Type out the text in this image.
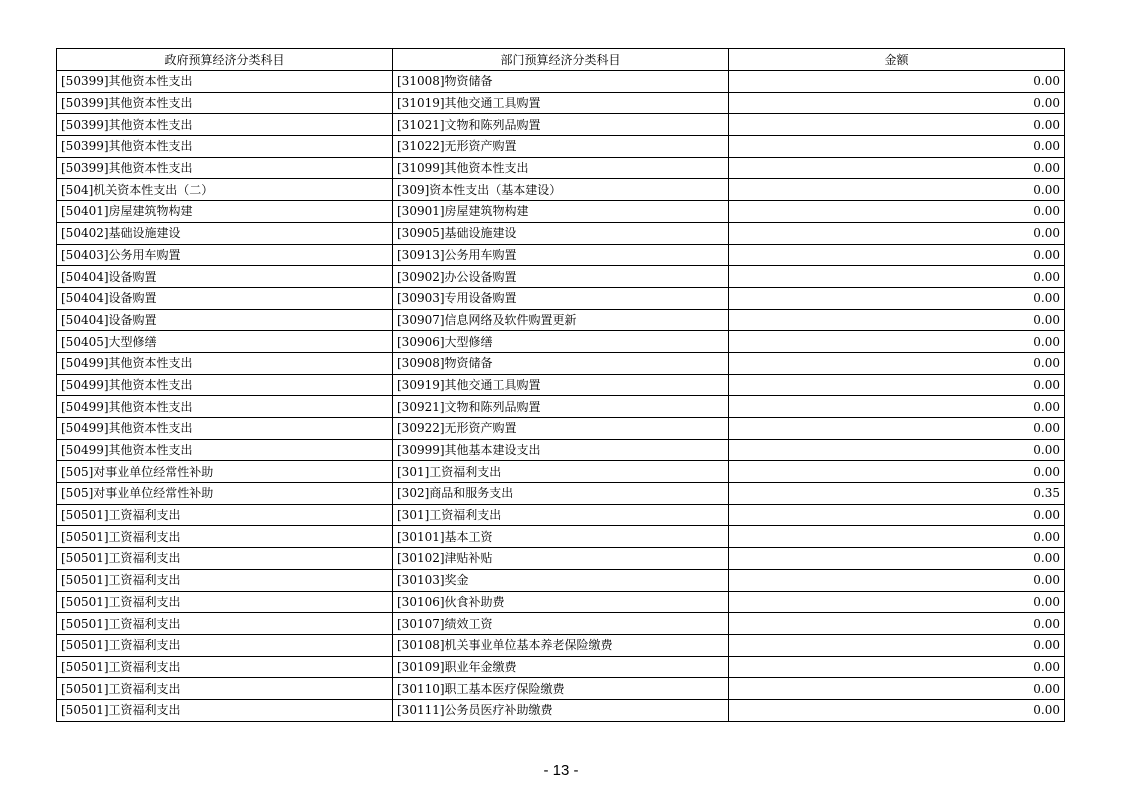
政府预算经济分类科目	部门预算经济分类科目	金额
[50399]其他资本性支出	[31008]物资储备	0.00
[50399]其他资本性支出	[31019]其他交通工具购置	0.00
[50399]其他资本性支出	[31021]文物和陈列品购置	0.00
[50399]其他资本性支出	[31022]无形资产购置	0.00
[50399]其他资本性支出	[31099]其他资本性支出	0.00
[504]机关资本性支出（二）	[309]资本性支出（基本建设）	0.00
[50401]房屋建筑物构建	[30901]房屋建筑物构建	0.00
[50402]基础设施建设	[30905]基础设施建设	0.00
[50403]公务用车购置	[30913]公务用车购置	0.00
[50404]设备购置	[30902]办公设备购置	0.00
[50404]设备购置	[30903]专用设备购置	0.00
[50404]设备购置	[30907]信息网络及软件购置更新	0.00
[50405]大型修缮	[30906]大型修缮	0.00
[50499]其他资本性支出	[30908]物资储备	0.00
[50499]其他资本性支出	[30919]其他交通工具购置	0.00
[50499]其他资本性支出	[30921]文物和陈列品购置	0.00
[50499]其他资本性支出	[30922]无形资产购置	0.00
[50499]其他资本性支出	[30999]其他基本建设支出	0.00
[505]对事业单位经常性补助	[301]工资福利支出	0.00
[505]对事业单位经常性补助	[302]商品和服务支出	0.35
[50501]工资福利支出	[301]工资福利支出	0.00
[50501]工资福利支出	[30101]基本工资	0.00
[50501]工资福利支出	[30102]津贴补贴	0.00
[50501]工资福利支出	[30103]奖金	0.00
[50501]工资福利支出	[30106]伙食补助费	0.00
[50501]工资福利支出	[30107]绩效工资	0.00
[50501]工资福利支出	[30108]机关事业单位基本养老保险缴费	0.00
[50501]工资福利支出	[30109]职业年金缴费	0.00
[50501]工资福利支出	[30110]职工基本医疗保险缴费	0.00
[50501]工资福利支出	[30111]公务员医疗补助缴费	0.00
- 13 -
